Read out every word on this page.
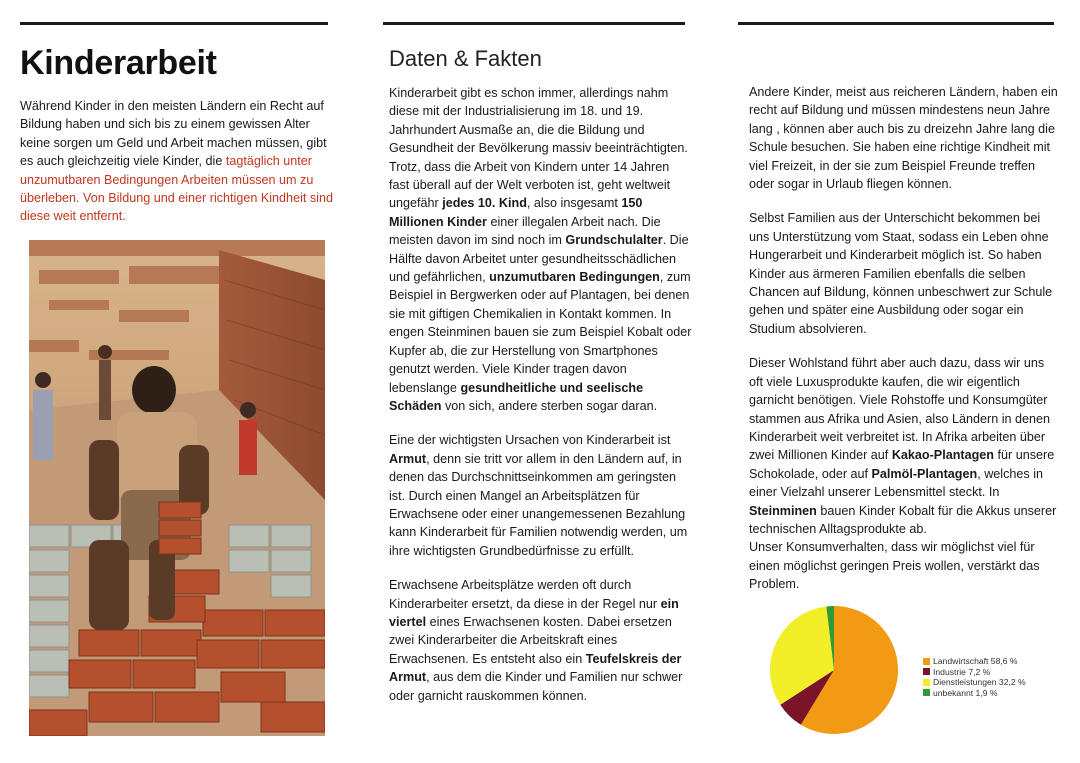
Kinderarbeit

Während Kinder in den meisten Ländern ein Recht auf Bildung haben und sich bis zu einem gewissen Alter keine sorgen um Geld und Arbeit machen müssen, gibt es auch gleichzeitig viele Kinder, die tagtäglich unter unzumutbaren Bedingungen Arbeiten müssen um zu überleben. Von Bildung und einer richtigen Kindheit sind diese weit entfernt.

Daten & Fakten

Kinderarbeit gibt es schon immer, allerdings nahm diese mit der Industrialisierung im 18. und 19. Jahrhundert Ausmaße an, die die Bildung und Gesundheit der Bevölkerung massiv beeinträchtigten. Trotz, dass die Arbeit von Kindern unter 14 Jahren fast überall auf der Welt verboten ist, geht weltweit ungefähr jedes 10. Kind, also insgesamt 150 Millionen Kinder einer illegalen Arbeit nach. Die meisten davon im sind noch im Grundschulalter. Die Hälfte davon Arbeitet unter gesundheitsschädlichen und gefährlichen, unzumutbaren Bedingungen, zum Beispiel in Bergwerken oder auf Plantagen, bei denen sie mit giftigen Chemikalien in Kontakt kommen. In engen Steinminen bauen sie zum Beispiel Kobalt oder Kupfer ab, die zur Herstellung von Smartphones genutzt werden. Viele Kinder tragen davon lebenslange gesundheitliche und seelische Schäden von sich, andere sterben sogar daran.

Eine der wichtigsten Ursachen von Kinderarbeit ist Armut, denn sie tritt vor allem in den Ländern auf, in denen das Durchschnittseinkommen am geringsten ist. Durch einen Mangel an Arbeitsplätzen für Erwachsene oder einer unangemessenen Bezahlung kann Kinderarbeit für Familien notwendig werden, um ihre wichtigsten Grundbedürfnisse zu erfüllt.

Erwachsene Arbeitsplätze werden oft durch Kinderarbeiter ersetzt, da diese in der Regel nur ein viertel eines Erwachsenen kosten. Dabei ersetzen zwei Kinderarbeiter die Arbeitskraft eines Erwachsenen. Es entsteht also ein Teufelskreis der Armut, aus dem die Kinder und Familien nur schwer oder garnicht rauskommen können.

Andere Kinder, meist aus reicheren Ländern, haben ein recht auf Bildung und müssen mindestens neun Jahre lang , können aber auch bis zu dreizehn Jahre lang die Schule besuchen. Sie haben eine richtige Kindheit mit viel Freizeit, in der sie zum Beispiel Freunde treffen oder sogar in Urlaub fliegen können.

Selbst Familien aus der Unterschicht bekommen bei uns Unterstützung vom Staat, sodass ein Leben ohne Hungerarbeit und Kinderarbeit möglich ist. So haben Kinder aus ärmeren Familien ebenfalls die selben Chancen auf Bildung, können unbeschwert zur Schule gehen und später eine Ausbildung oder sogar ein Studium absolvieren.

Dieser Wohlstand führt aber auch dazu, dass wir uns oft viele Luxusprodukte kaufen, die wir eigentlich garnicht benötigen. Viele Rohstoffe und Konsumgüter stammen aus Afrika und Asien, also Ländern in denen Kinderarbeit weit verbreitet ist. In Afrika arbeiten über zwei Millionen Kinder auf Kakao-Plantagen für unsere Schokolade, oder auf Palmöl-Plantagen, welches in einer Vielzahl unserer Lebensmittel steckt. In Steinminen bauen Kinder Kobalt für die Akkus unserer technischen Alltagsprodukte ab.
Unser Konsumverhalten, dass wir möglichst viel für einen möglichst geringen Preis wollen, verstärkt das Problem.

Landwirtschaft 58,6 %
Industrie 7,2 %
Dienstleistungen 32,2 %
unbekannt 1,9 %
